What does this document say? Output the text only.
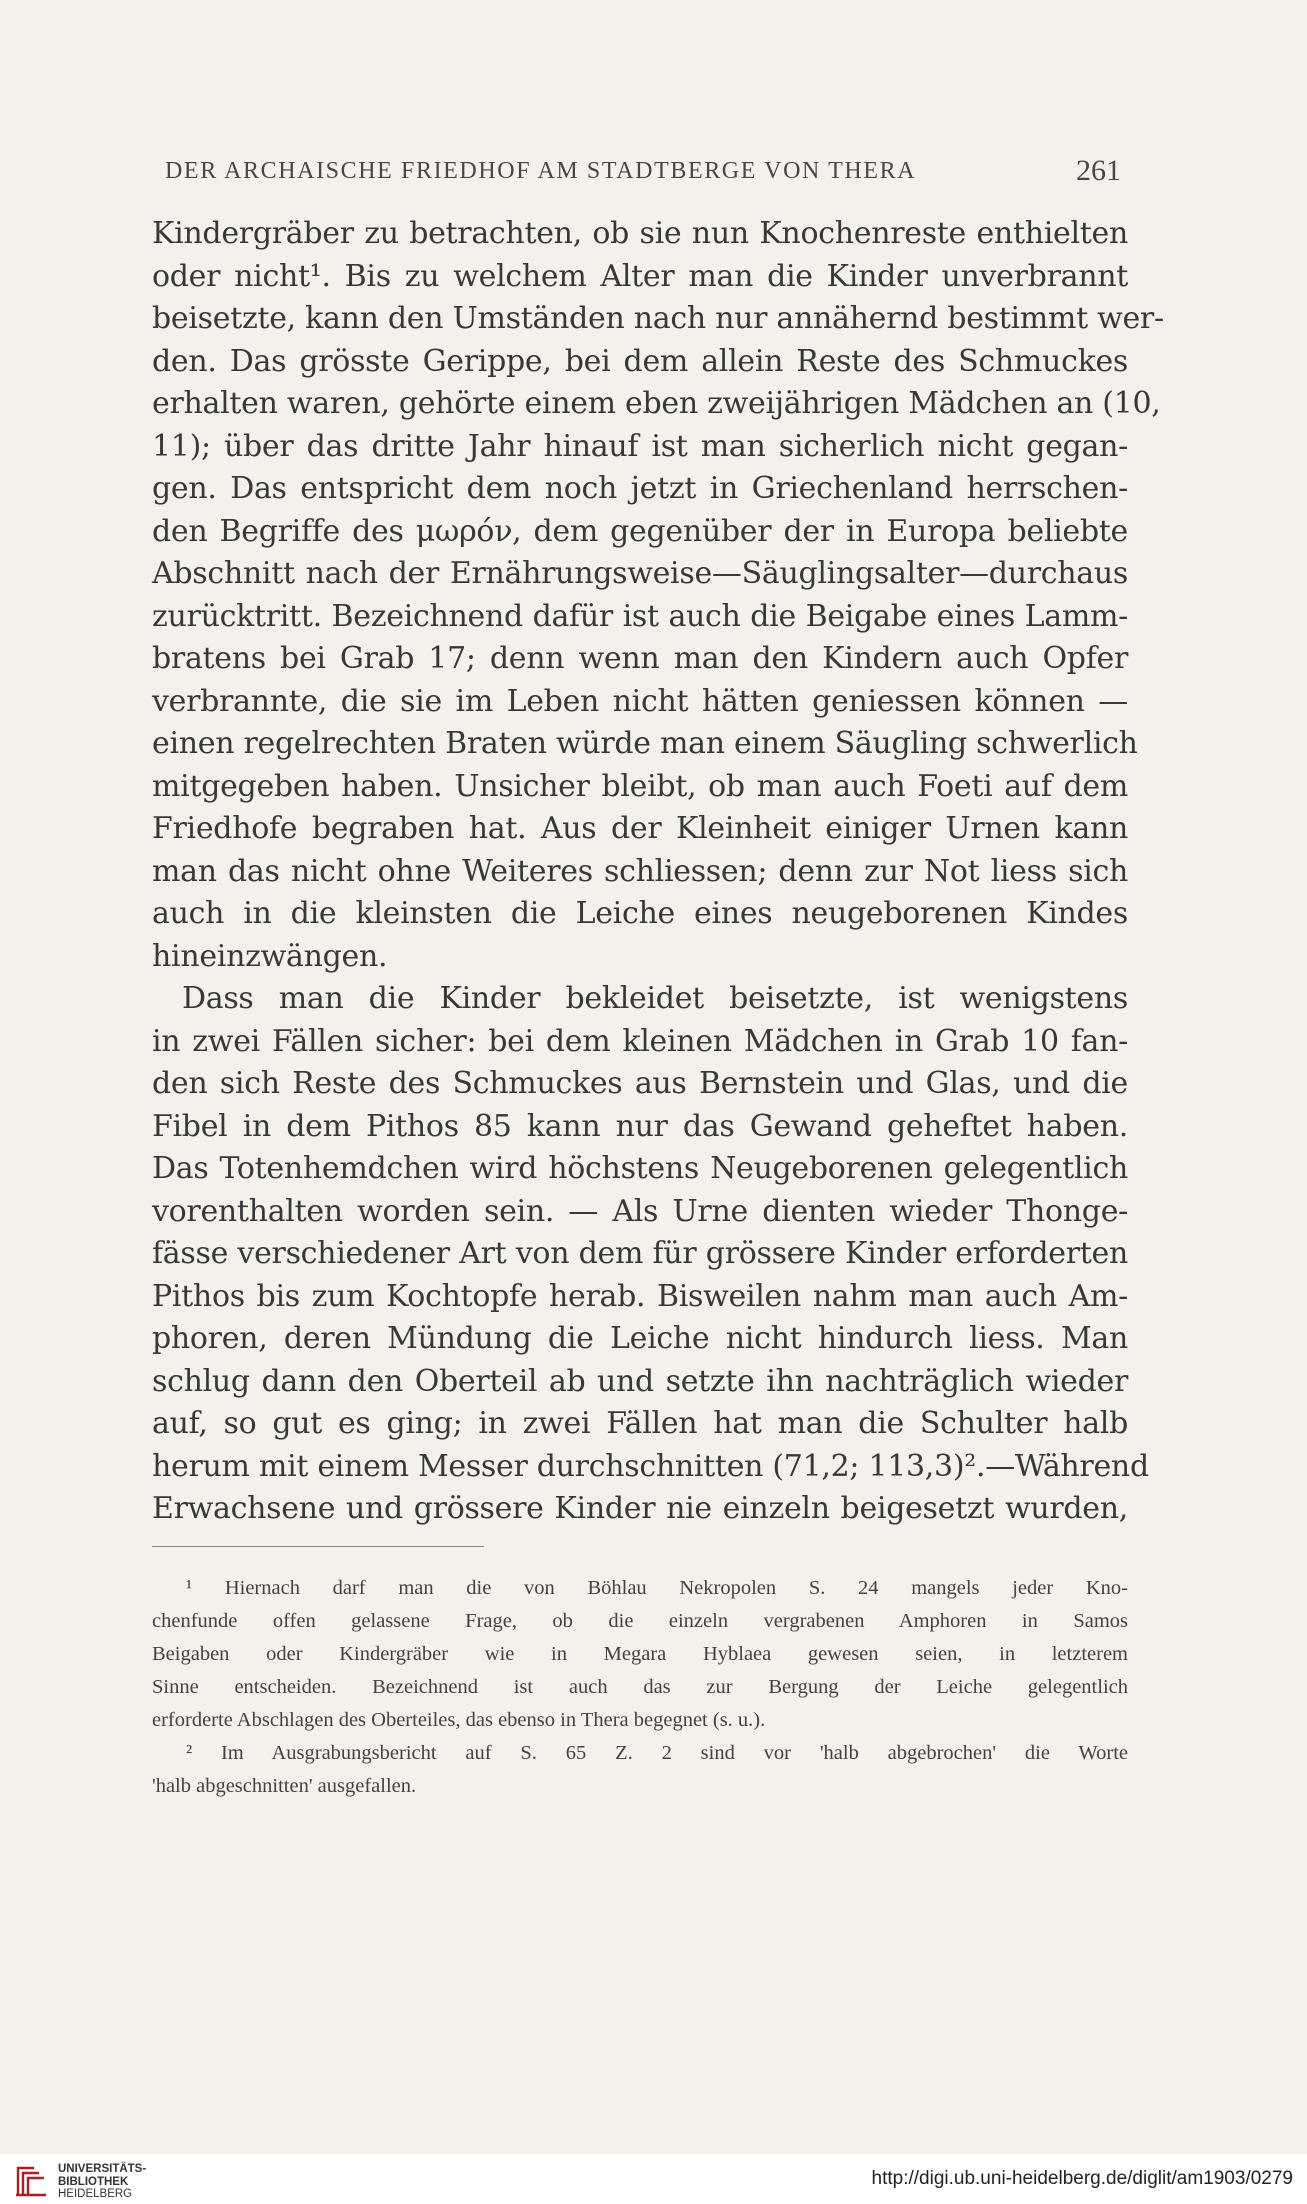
DER ARCHAISCHE FRIEDHOF AM STADTBERGE VON THERA	261
Kindergräber zu betrachten, ob sie nun Knochenreste enthielten
oder nicht¹. Bis zu welchem Alter man die Kinder unverbrannt
beisetzte, kann den Umständen nach nur annähernd bestimmt wer-
den. Das grösste Gerippe, bei dem allein Reste des Schmuckes
erhalten waren, gehörte einem eben zweijährigen Mädchen an (10,
11); über das dritte Jahr hinauf ist man sicherlich nicht gegan-
gen. Das entspricht dem noch jetzt in Griechenland herrschen-
den Begriffe des μωρόν, dem gegenüber der in Europa beliebte
Abschnitt nach der Ernährungsweise—Säuglingsalter—durchaus
zurücktritt. Bezeichnend dafür ist auch die Beigabe eines Lamm-
bratens bei Grab 17; denn wenn man den Kindern auch Opfer
verbrannte, die sie im Leben nicht hätten geniessen können —
einen regelrechten Braten würde man einem Säugling schwerlich
mitgegeben haben. Unsicher bleibt, ob man auch Foeti auf dem
Friedhofe begraben hat. Aus der Kleinheit einiger Urnen kann
man das nicht ohne Weiteres schliessen; denn zur Not liess sich
auch in die kleinsten die Leiche eines neugeborenen Kindes
hineinzwängen.
Dass man die Kinder bekleidet beisetzte, ist wenigstens
in zwei Fällen sicher: bei dem kleinen Mädchen in Grab 10 fan-
den sich Reste des Schmuckes aus Bernstein und Glas, und die
Fibel in dem Pithos 85 kann nur das Gewand geheftet haben.
Das Totenhemdchen wird höchstens Neugeborenen gelegentlich
vorenthalten worden sein. — Als Urne dienten wieder Thonge-
fässe verschiedener Art von dem für grössere Kinder erforderten
Pithos bis zum Kochtopfe herab. Bisweilen nahm man auch Am-
phoren, deren Mündung die Leiche nicht hindurch liess. Man
schlug dann den Oberteil ab und setzte ihn nachträglich wieder
auf, so gut es ging; in zwei Fällen hat man die Schulter halb
herum mit einem Messer durchschnitten (71,2; 113,3)².—Während
Erwachsene und grössere Kinder nie einzeln beigesetzt wurden,
¹ Hiernach darf man die von Böhlau Nekropolen S. 24 mangels jeder Kno-
chenfunde offen gelassene Frage, ob die einzeln vergrabenen Amphoren in Samos
Beigaben oder Kindergräber wie in Megara Hyblaea gewesen seien, in letzterem
Sinne entscheiden. Bezeichnend ist auch das zur Bergung der Leiche gelegentlich
erforderte Abschlagen des Oberteiles, das ebenso in Thera begegnet (s. u.).
² Im Ausgrabungsbericht auf S. 65 Z. 2 sind vor 'halb abgebrochen' die Worte
'halb abgeschnitten' ausgefallen.
UNIVERSITÄTS-
BIBLIOTHEK
HEIDELBERG
http://digi.ub.uni-heidelberg.de/diglit/am1903/0279
